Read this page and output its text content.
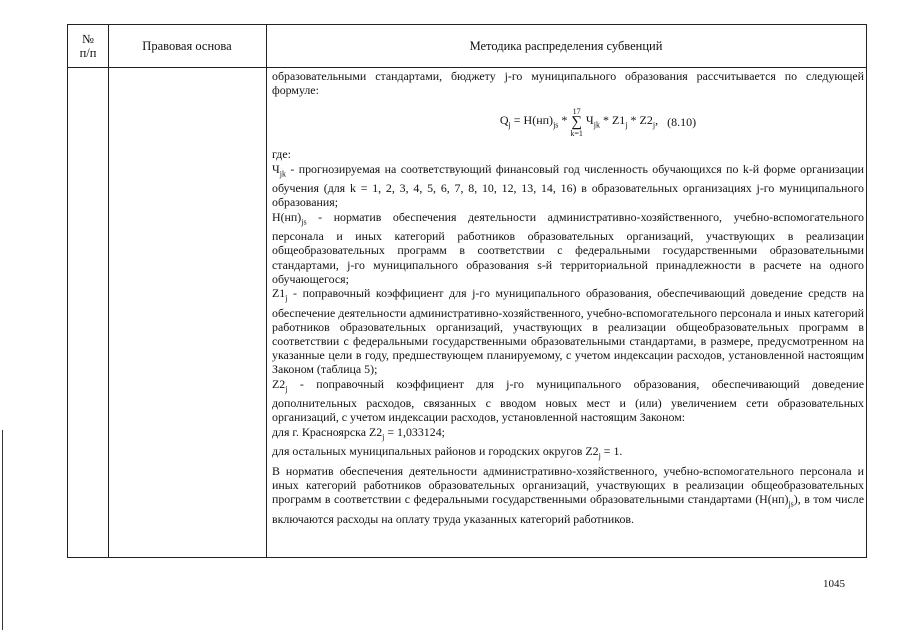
№
п/п	Правовая основа	Методика распределения субвенций

образовательными стандартами, бюджету j-го муниципального образования рассчитывается по следующей формуле:

$Q_j = Н(нп)_{js}$ *
17
∑
k=1
$Ч_{jk} * Z1_j * Z2_j$, (8.10)

где:

$Ч_{jk}$ - прогнозируемая на соответствующий финансовый год численность обучающихся по k-й форме организации обучения (для k = 1, 2, 3, 4, 5, 6, 7, 8, 10, 12, 13, 14, 16) в образовательных организациях j-го муниципального образования;

$Н(нп)_{js}$ - норматив обеспечения деятельности административно-хозяйственного, учебно-вспомогательного персонала и иных категорий работников образовательных организаций, участвующих в реализации общеобразовательных программ в соответствии с федеральными государственными образовательными стандартами, j-го муниципального образования s-й территориальной принадлежности в расчете на одного обучающегося;

$Z1_j$ - поправочный коэффициент для j-го муниципального образования, обеспечивающий доведение средств на обеспечение деятельности административно-хозяйственного, учебно-вспомогательного персонала и иных категорий работников образовательных организаций, участвующих в реализации общеобразовательных программ в соответствии с федеральными государственными образовательными стандартами, в размере, предусмотренном на указанные цели в году, предшествующем планируемому, с учетом индексации расходов, установленной настоящим Законом (таблица 5);

$Z2_j$ - поправочный коэффициент для j-го муниципального образования, обеспечивающий доведение дополнительных расходов, связанных с вводом новых мест и (или) увеличением сети образовательных организаций, с учетом индексации расходов, установленной настоящим Законом:

для г. Красноярска $Z2_j = 1,033124$;

для остальных муниципальных районов и городских округов $Z2_j = 1$.

В норматив обеспечения деятельности административно-хозяйственного, учебно-вспомогательного персонала и иных категорий работников образовательных организаций, участвующих в реализации общеобразовательных программ в соответствии с федеральными государственными образовательными стандартами $(Н(нп)_{js})$, в том числе включаются расходы на оплату труда указанных категорий работников.

1045
